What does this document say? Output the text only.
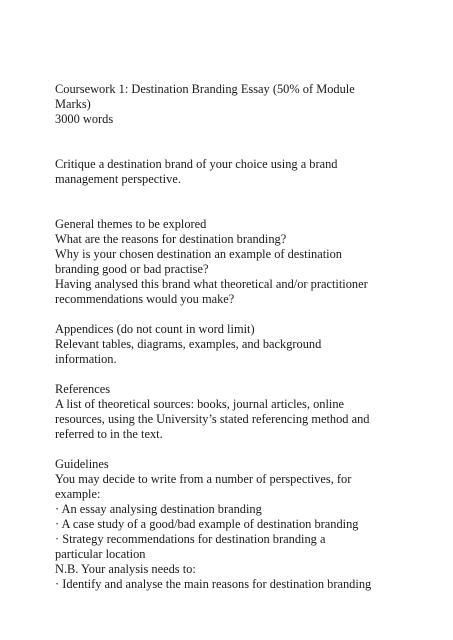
Coursework 1: Destination Branding Essay (50% of Module
Marks)
3000 words
Critique a destination brand of your choice using a brand
management perspective.
General themes to be explored
What are the reasons for destination branding?
Why is your chosen destination an example of destination
branding good or bad practise?
Having analysed this brand what theoretical and/or practitioner
recommendations would you make?
Appendices (do not count in word limit)
Relevant tables, diagrams, examples, and background
information.
References
A list of theoretical sources: books, journal articles, online
resources, using the University’s stated referencing method and
referred to in the text.
Guidelines
You may decide to write from a number of perspectives, for
example:
· An essay analysing destination branding
· A case study of a good/bad example of destination branding
· Strategy recommendations for destination branding a
particular location
N.B. Your analysis needs to:
· Identify and analyse the main reasons for destination branding
